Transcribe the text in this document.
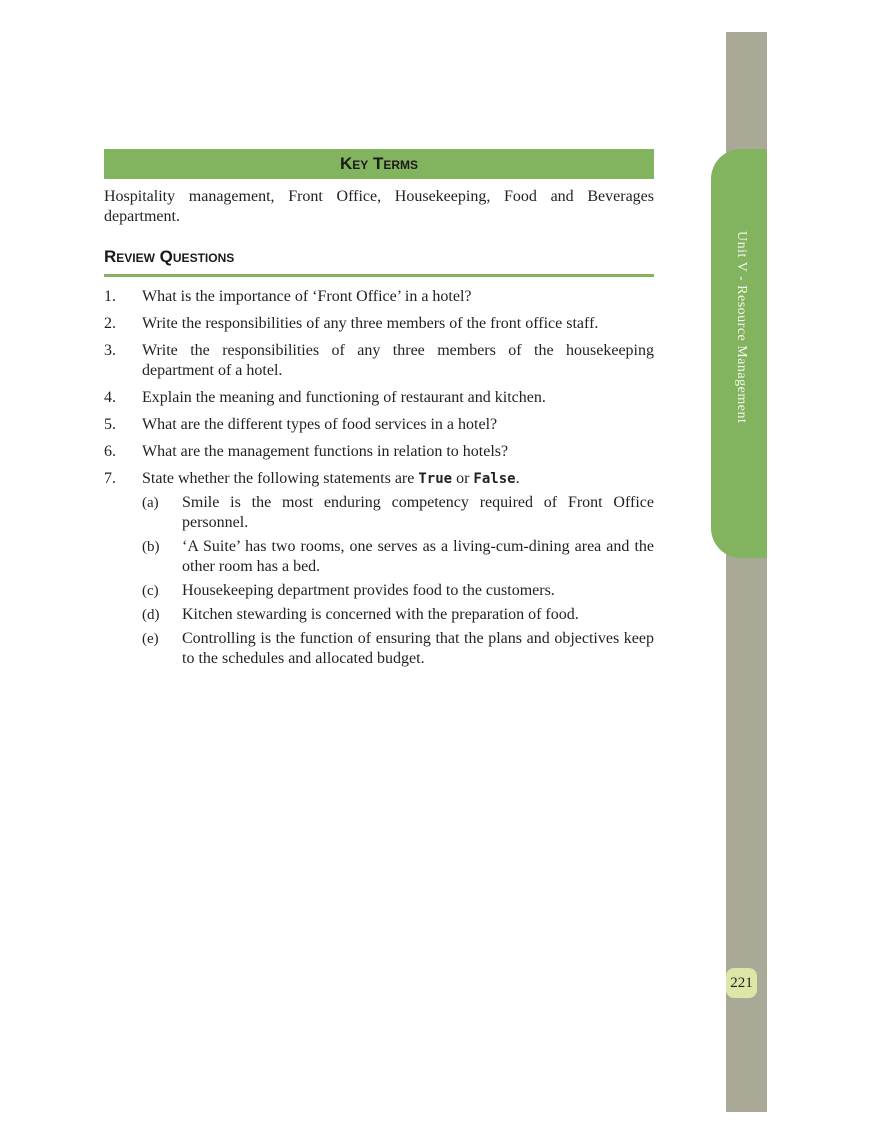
Unit V - Resource Management
221
Key Terms
Hospitality management, Front Office, Housekeeping, Food and Beverages department.
Review Questions
1.	What is the importance of ‘Front Office’ in a hotel?
2.	Write the responsibilities of any three members of the front office staff.
3.	Write the responsibilities of any three members of the housekeeping department of a hotel.
4.	Explain the meaning and functioning of restaurant and kitchen.
5.	What are the different types of food services in a hotel?
6.	What are the management functions in relation to hotels?
7.	State whether the following statements are True or False.
(a)	Smile is the most enduring competency required of Front Office personnel.
(b)	‘A Suite’ has two rooms, one serves as a living-cum-dining area and the other room has a bed.
(c)	Housekeeping department provides food to the customers.
(d)	Kitchen stewarding is concerned with the preparation of food.
(e)	Controlling is the function of ensuring that the plans and objectives keep to the schedules and allocated budget.
